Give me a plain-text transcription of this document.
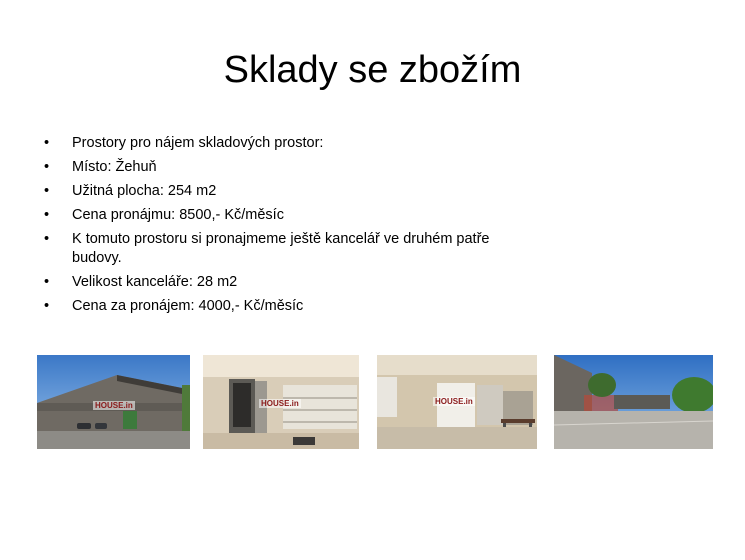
Sklady se zbožím
•	Prostory pro nájem skladových prostor:
•	Místo: Žehuň
•	Užitná plocha: 254 m2
•	Cena pronájmu: 8500,- Kč/měsíc
•	K tomuto prostoru si pronajmeme ještě kancelář ve druhém patře budovy.
•	Velikost kanceláře: 28 m2
•	Cena za pronájem: 4000,- Kč/měsíc
HOUSE.in	HOUSE.in	HOUSE.in
